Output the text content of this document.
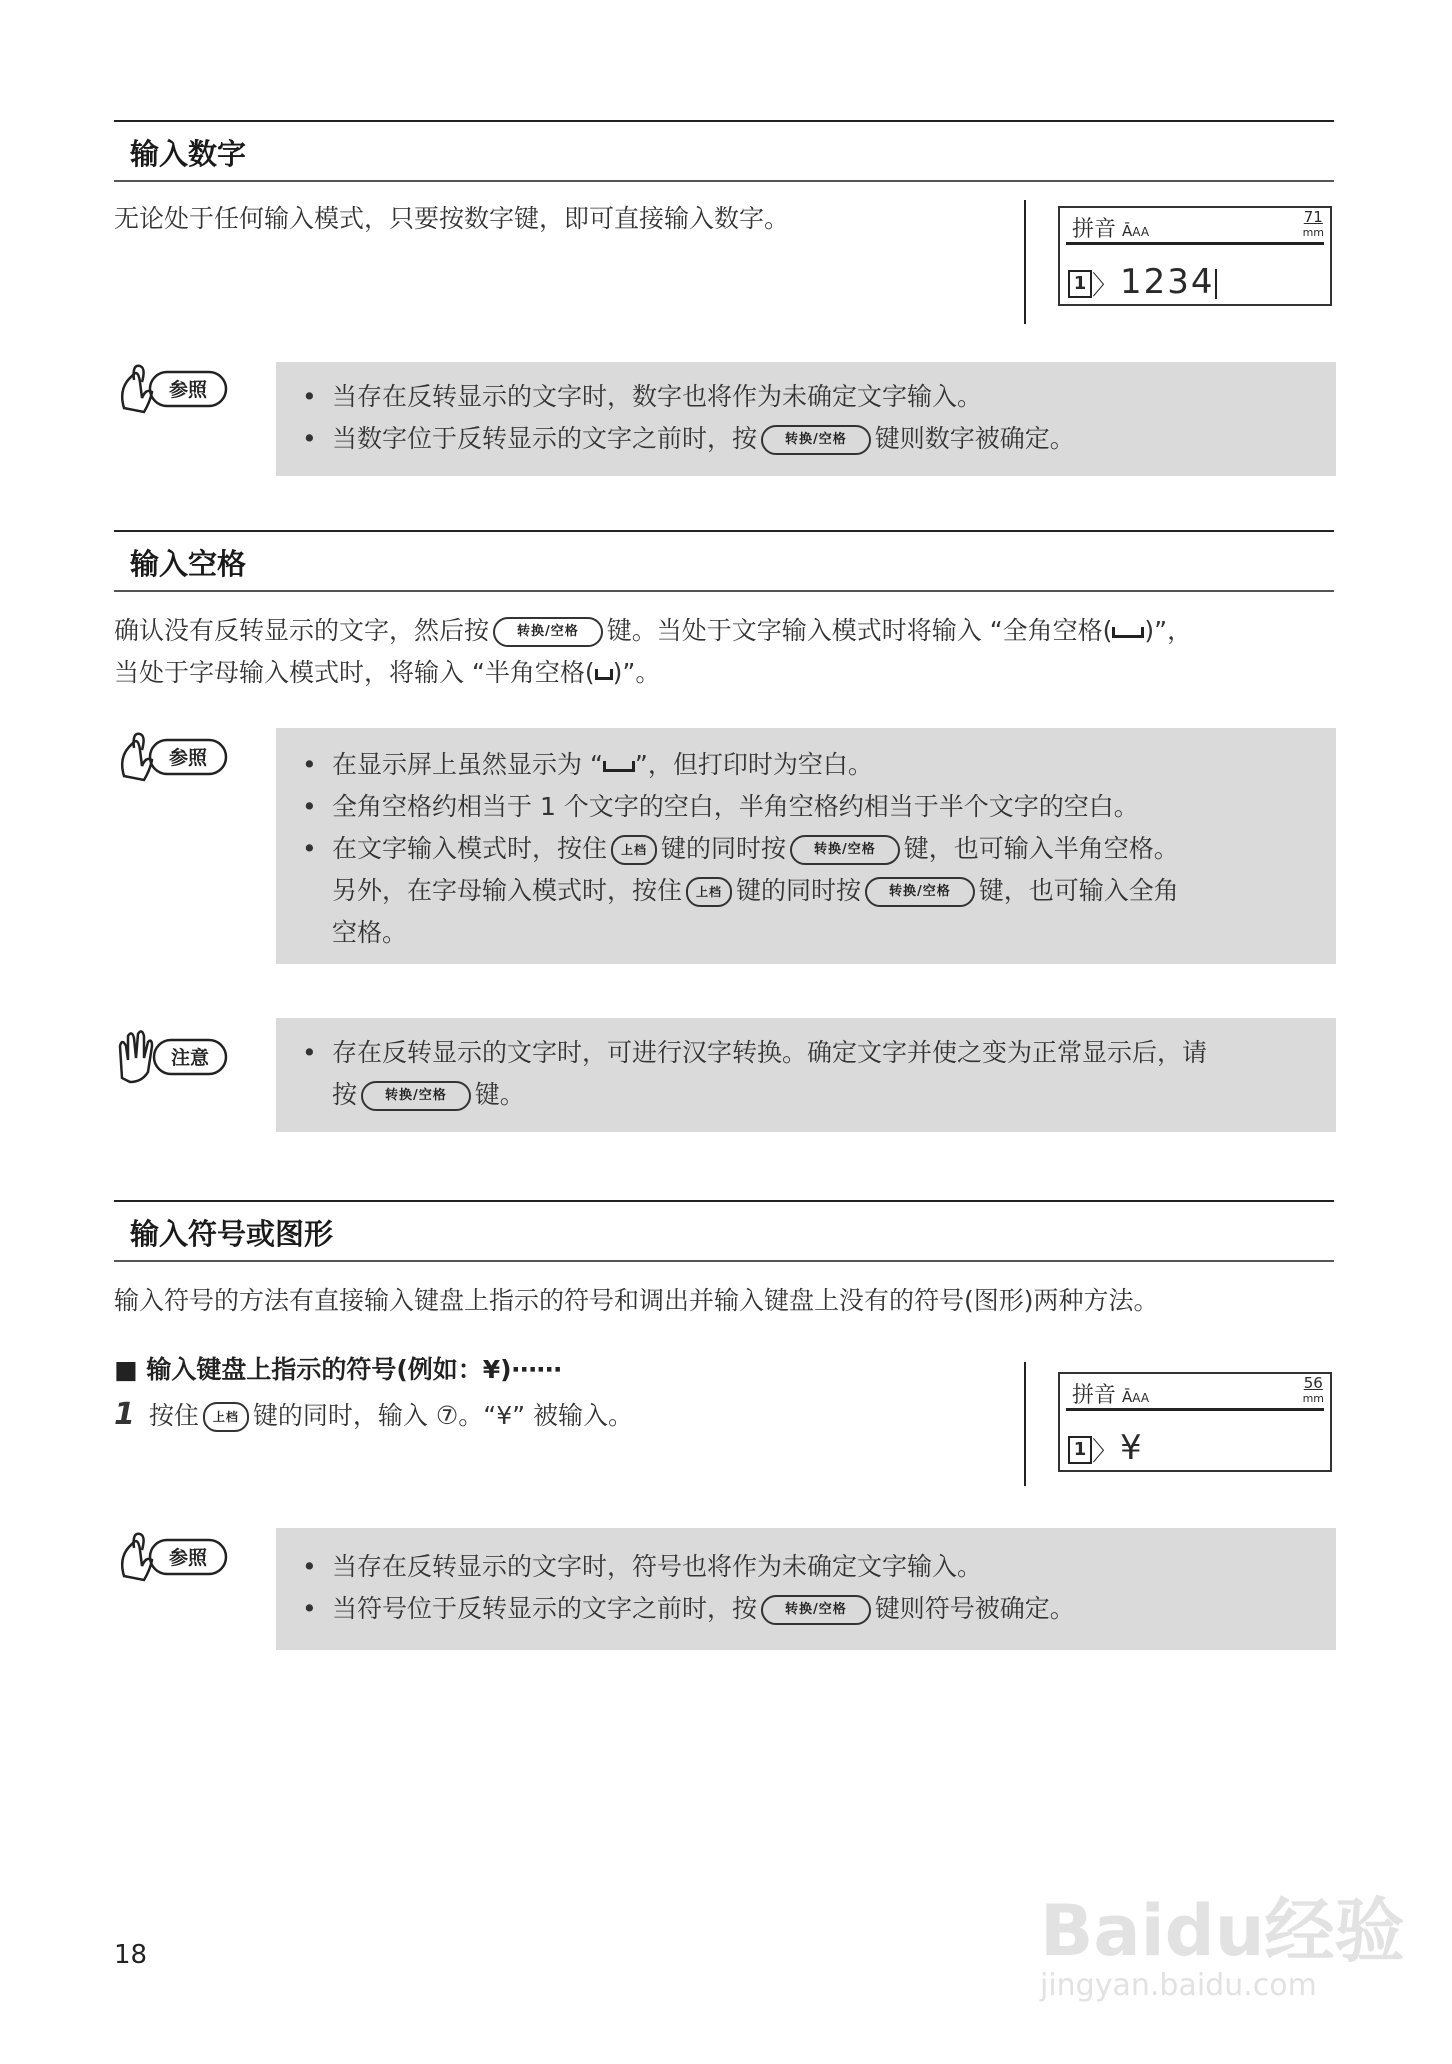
输入数字
无论处于任何输入模式，只要按数字键，即可直接输入数字。	拼音 ĀAA
71
mm
1 〉1234
参照	• 当存在反转显示的文字时，数字也将作为未确定文字输入。
• 当数字位于反转显示的文字之前时，按 转换/空格 键则数字被确定。
输入空格
确认没有反转显示的文字，然后按 转换/空格 键。当处于文字输入模式时将输入 “全角空格( )”，
当处于字母输入模式时，将输入 “半角空格( )”。
参照	• 在显示屏上虽然显示为 “ ”，但打印时为空白。
• 全角空格约相当于 1 个文字的空白，半角空格约相当于半个文字的空白。
• 在文字输入模式时，按住 上档 键的同时按 转换/空格 键，也可输入半角空格。
另外，在字母输入模式时，按住 上档 键的同时按 转换/空格 键，也可输入全角
空格。
注意	• 存在反转显示的文字时，可进行汉字转换。确定文字并使之变为正常显示后，请
按 转换/空格 键。
输入符号或图形
输入符号的方法有直接输入键盘上指示的符号和调出并输入键盘上没有的符号(图形)两种方法。
■ 输入键盘上指示的符号(例如：¥)⋯⋯
1 按住 上档 键的同时，输入 ⑦。“¥” 被输入。
拼音 ĀAA
56
mm
1 〉¥
参照	• 当存在反转显示的文字时，符号也将作为未确定文字输入。
• 当符号位于反转显示的文字之前时，按 转换/空格 键则符号被确定。
18	Baidu经验
jingyan.baidu.com
